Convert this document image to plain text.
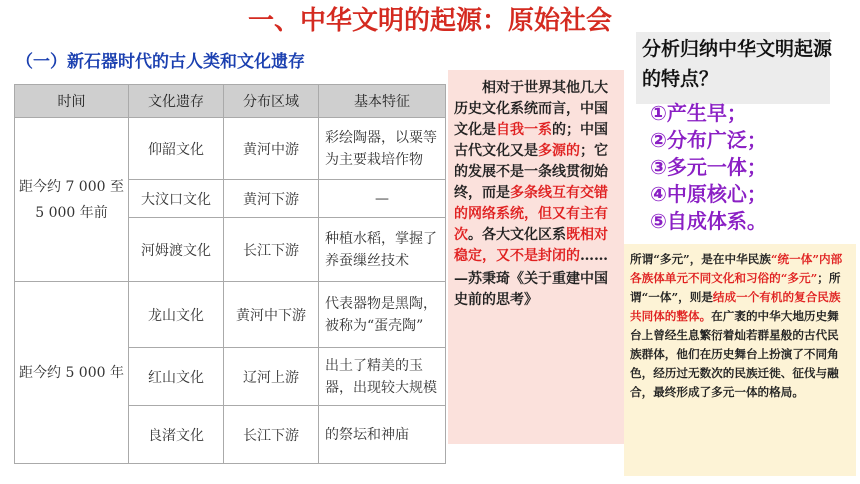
一、中华文明的起源：原始社会
（一）新石器时代的古人类和文化遗存
时间	文化遗存	分布区域	基本特征
距今约 7 000 至 5 000 年前	仰韶文化	黄河中游	彩绘陶器，以粟等为主要栽培作物
	大汶口文化	黄河下游	—
	河姆渡文化	长江下游	种植水稻，掌握了养蚕缫丝技术
距今约 5 000 年	龙山文化	黄河中下游	代表器物是黑陶，被称为“蛋壳陶”
	红山文化	辽河上游	出土了精美的玉器，出现较大规模
	良渚文化	长江下游	的祭坛和神庙
相对于世界其他几大历史文化系统而言，中国文化是自我一系的；中国古代文化又是多源的；它的发展不是一条线贯彻始终，而是多条线互有交错的网络系统，但又有主有次。各大文化区系既相对稳定，又不是封闭的……
—苏秉琦《关于重建中国史前的思考》
分析归纳中华文明起源的特点？
①产生早；
②分布广泛；
③多元一体；
④中原核心；
⑤自成体系。
所谓“多元”，是在中华民族“统一体”内部各族体单元不同文化和习俗的“多元”；所谓“一体”，则是结成一个有机的复合民族共同体的整体。在广袤的中华大地历史舞台上曾经生息繁衍着灿若群星般的古代民族群体，他们在历史舞台上扮演了不同角色，经历过无数次的民族迁徙、征伐与融合，最终形成了多元一体的格局。
